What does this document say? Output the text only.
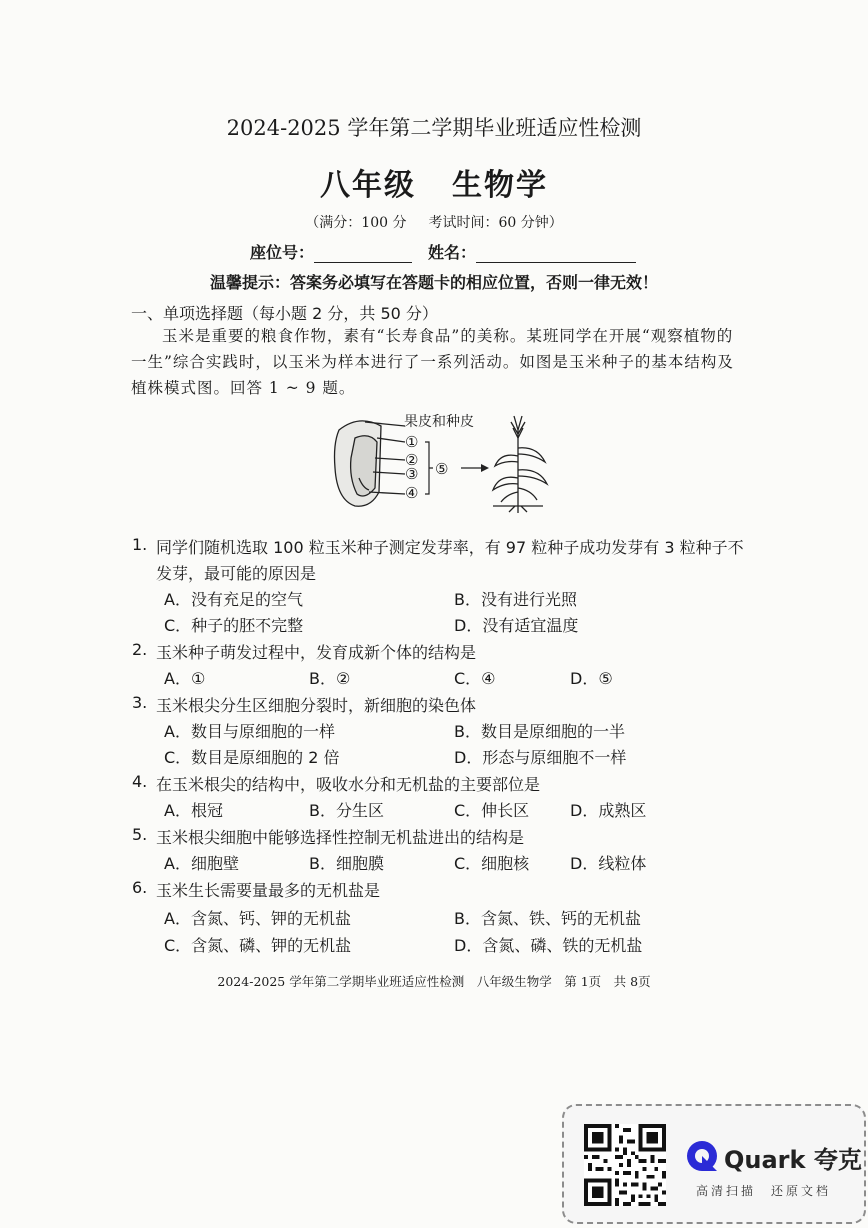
2024-2025 学年第二学期毕业班适应性检测
八年级 生物学
（满分：100 分 考试时间：60 分钟）
座位号：	姓名：
温馨提示：答案务必填写在答题卡的相应位置，否则一律无效！
一、单项选择题（每小题 2 分，共 50 分）
玉米是重要的粮食作物，素有“长寿食品”的美称。某班同学在开展“观察植物的一生”综合实践时，以玉米为样本进行了一系列活动。如图是玉米种子的基本结构及植株模式图。回答 1 ~ 9 题。
果皮和种皮
①
②
③
④
⑤
1. 同学们随机选取 100 粒玉米种子测定发芽率，有 97 粒种子成功发芽有 3 粒种子不
发芽，最可能的原因是
A．没有充足的空气	B．没有进行光照
C．种子的胚不完整	D．没有适宜温度
2. 玉米种子萌发过程中，发育成新个体的结构是
A．①	B．②	C．④	D．⑤
3. 玉米根尖分生区细胞分裂时，新细胞的染色体
A．数目与原细胞的一样	B．数目是原细胞的一半
C．数目是原细胞的 2 倍	D．形态与原细胞不一样
4. 在玉米根尖的结构中，吸收水分和无机盐的主要部位是
A．根冠	B．分生区	C．伸长区	D．成熟区
5. 玉米根尖细胞中能够选择性控制无机盐进出的结构是
A．细胞壁	B．细胞膜	C．细胞核	D．线粒体
6. 玉米生长需要量最多的无机盐是
A．含氮、钙、钾的无机盐	B．含氮、铁、钙的无机盐
C．含氮、磷、钾的无机盐	D．含氮、磷、铁的无机盐
2024-2025 学年第二学期毕业班适应性检测　八年级生物学　第 1页　共 8页
Quark 夸克
高清扫描　还原文档
